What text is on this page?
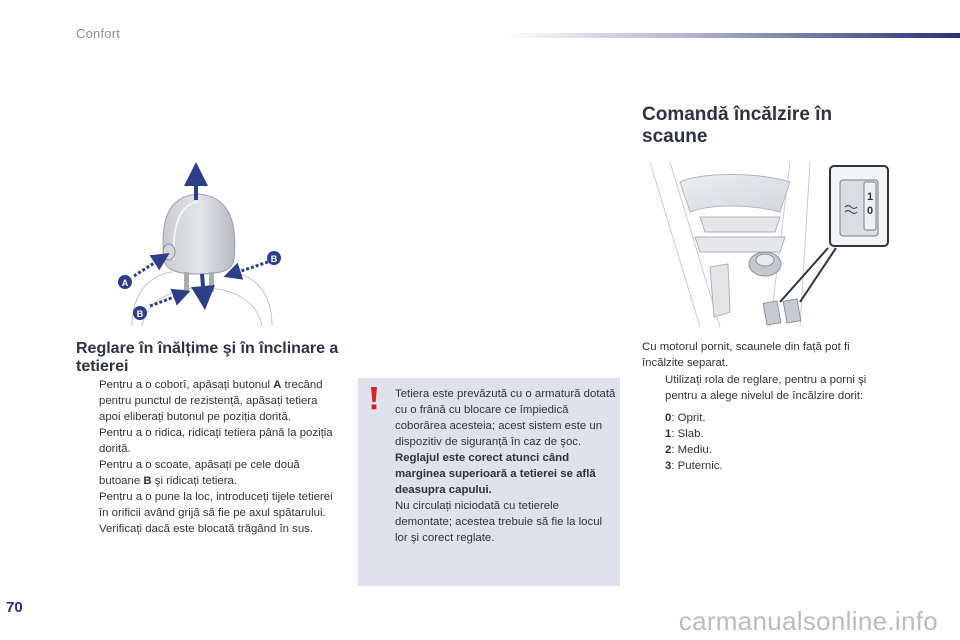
Confort
A
B
B
Reglare în înălțime şi în înclinare a tetierei
Pentru a o coborî, apăsați butonul A trecând pentru punctul de rezistență, apăsați tetiera apoi eliberați butonul pe poziția dorită.
Pentru a o ridica, ridicați tetiera până la poziția dorită.
Pentru a o scoate, apăsați pe cele două butoane B şi ridicați tetiera.
Pentru a o pune la loc, introduceți tijele tetierei în orificii având grijă să fie pe axul spătarului. Verificați dacă este blocată trăgând în sus.

Tetiera este prevăzută cu o armatură dotată cu o frână cu blocare ce împiedică coborârea acesteia; acest sistem este un dispozitiv de siguranță în caz de şoc.

Reglajul este corect atunci când marginea superioară a tetierei se află deasupra capului.

Nu circulați niciodată cu tetierele demontate; acestea trebuie să fie la locul lor şi corect reglate.

Comandă încălzire în scaune
1
0

Cu motorul pornit, scaunele din față pot fi încălzite separat.

Utilizați rola de reglare, pentru a porni şi pentru a alege nivelul de încălzire dorit:
0: Oprit.
1: Slab.
2: Mediu.
3: Puternic.
70	carmanualsonline.info
